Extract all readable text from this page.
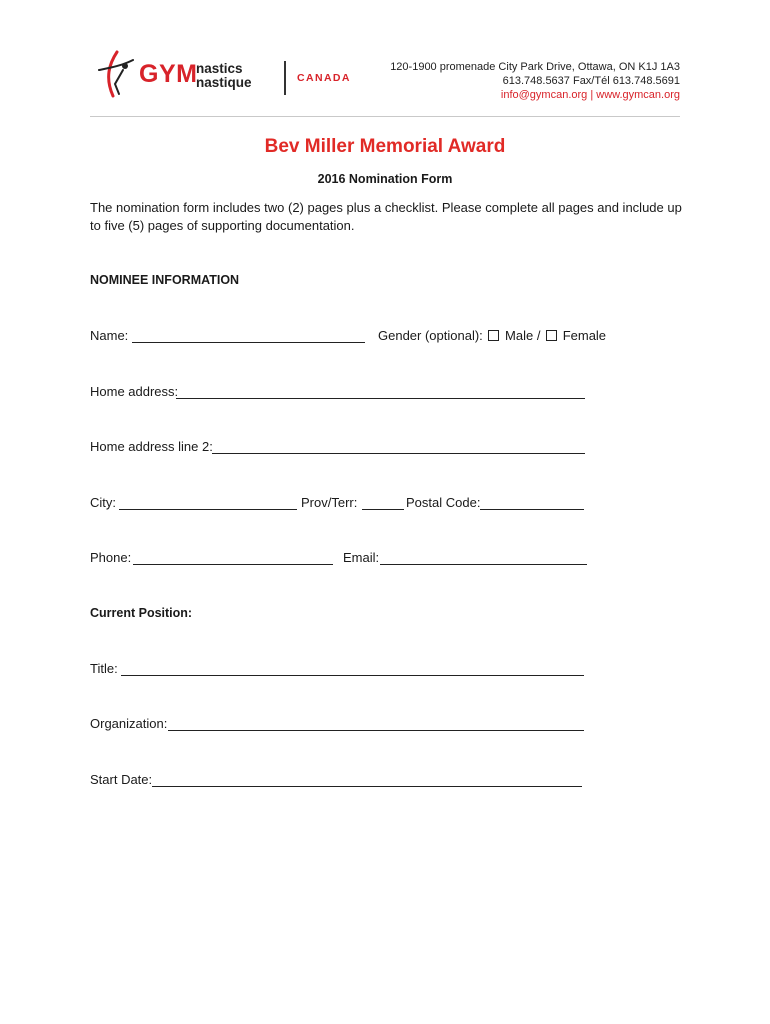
GYM
nastics
nastique	CANADA
120-1900 promenade City Park Drive, Ottawa, ON K1J 1A3
613.748.5637 Fax/Tél 613.748.5691
info@gymcan.org | www.gymcan.org
Bev Miller Memorial Award
2016 Nomination Form
The nomination form includes two (2) pages plus a checklist. Please complete all pages and include up to five (5) pages of supporting documentation.
NOMINEE INFORMATION
Name:	Gender (optional): Male / Female
Home address:
Home address line 2:
City:	Prov/Terr:	Postal Code:
Phone:	Email:
Current Position:
Title:
Organization:
Start Date:
